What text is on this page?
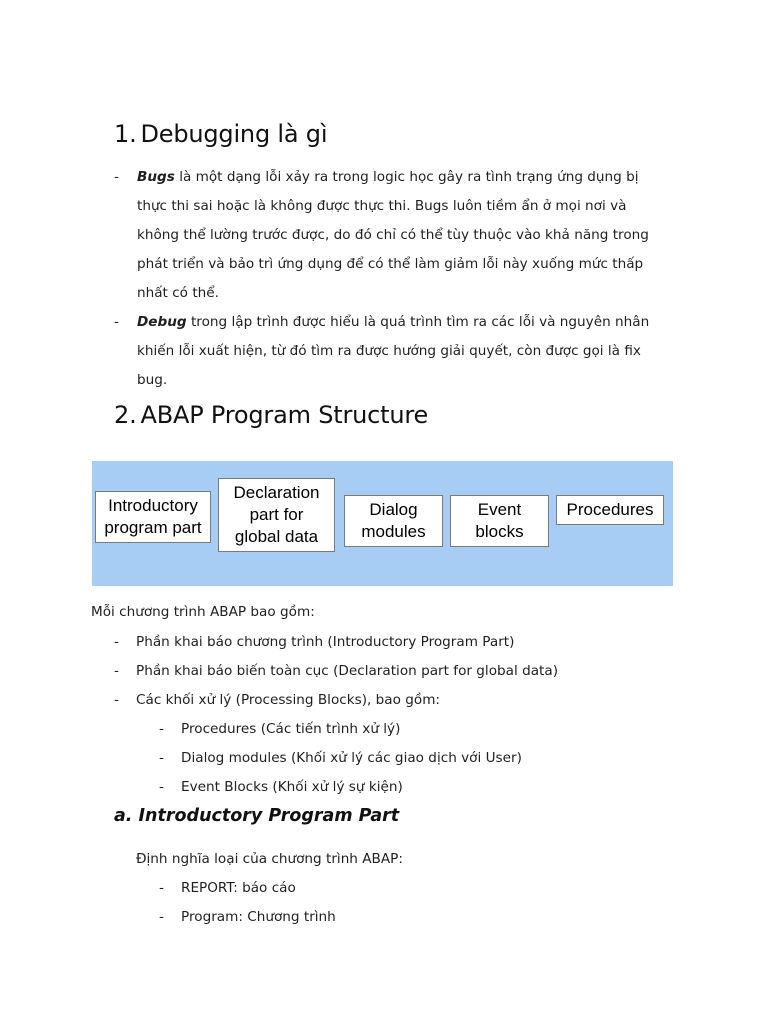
1. Debugging là gì

- Bugs là một dạng lỗi xảy ra trong logic học gây ra tình trạng ứng dụng bị
thực thi sai hoặc là không được thực thi. Bugs luôn tiềm ẩn ở mọi nơi và
không thể lường trước được, do đó chỉ có thể tùy thuộc vào khả năng trong
phát triển và bảo trì ứng dụng để có thể làm giảm lỗi này xuống mức thấp
nhất có thể.

- Debug trong lập trình được hiểu là quá trình tìm ra các lỗi và nguyên nhân
khiến lỗi xuất hiện, từ đó tìm ra được hướng giải quyết, còn được gọi là fix
bug.

2. ABAP Program Structure
Introductory
program part
Declaration
part for
global data
Dialog
modules
Event
blocks
Procedures

Mỗi chương trình ABAP bao gồm:

- Phần khai báo chương trình (Introductory Program Part)
- Phần khai báo biến toàn cục (Declaration part for global data)
- Các khối xử lý (Processing Blocks), bao gồm:
- Procedures (Các tiến trình xử lý)
- Dialog modules (Khối xử lý các giao dịch với User)
- Event Blocks (Khối xử lý sự kiện)
a. Introductory Program Part

Định nghĩa loại của chương trình ABAP:

- REPORT: báo cáo
- Program: Chương trình
